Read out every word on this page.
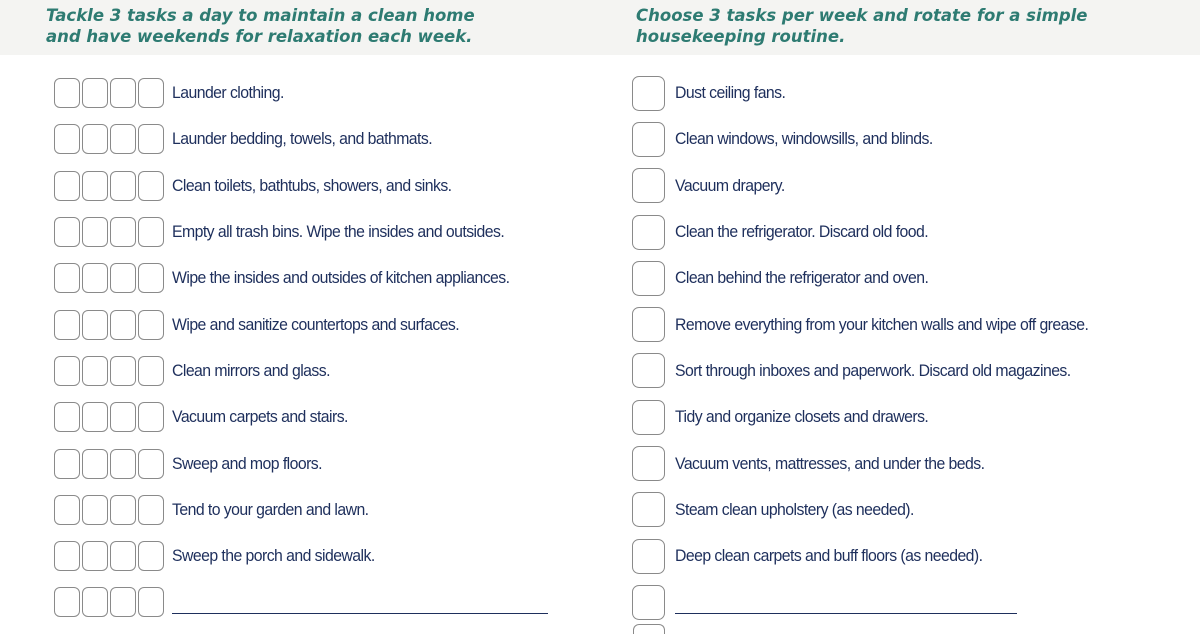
Tackle 3 tasks a day to maintain a clean home
and have weekends for relaxation each week.
Choose 3 tasks per week and rotate for a simple
housekeeping routine.
Launder clothing.
Launder bedding, towels, and bathmats.
Clean toilets, bathtubs, showers, and sinks.
Empty all trash bins. Wipe the insides and outsides.
Wipe the insides and outsides of kitchen appliances.
Wipe and sanitize countertops and surfaces.
Clean mirrors and glass.
Vacuum carpets and stairs.
Sweep and mop floors.
Tend to your garden and lawn.
Sweep the porch and sidewalk.
Dust ceiling fans.
Clean windows, windowsills, and blinds.
Vacuum drapery.
Clean the refrigerator. Discard old food.
Clean behind the refrigerator and oven.
Remove everything from your kitchen walls and wipe off grease.
Sort through inboxes and paperwork. Discard old magazines.
Tidy and organize closets and drawers.
Vacuum vents, mattresses, and under the beds.
Steam clean upholstery (as needed).
Deep clean carpets and buff floors (as needed).
